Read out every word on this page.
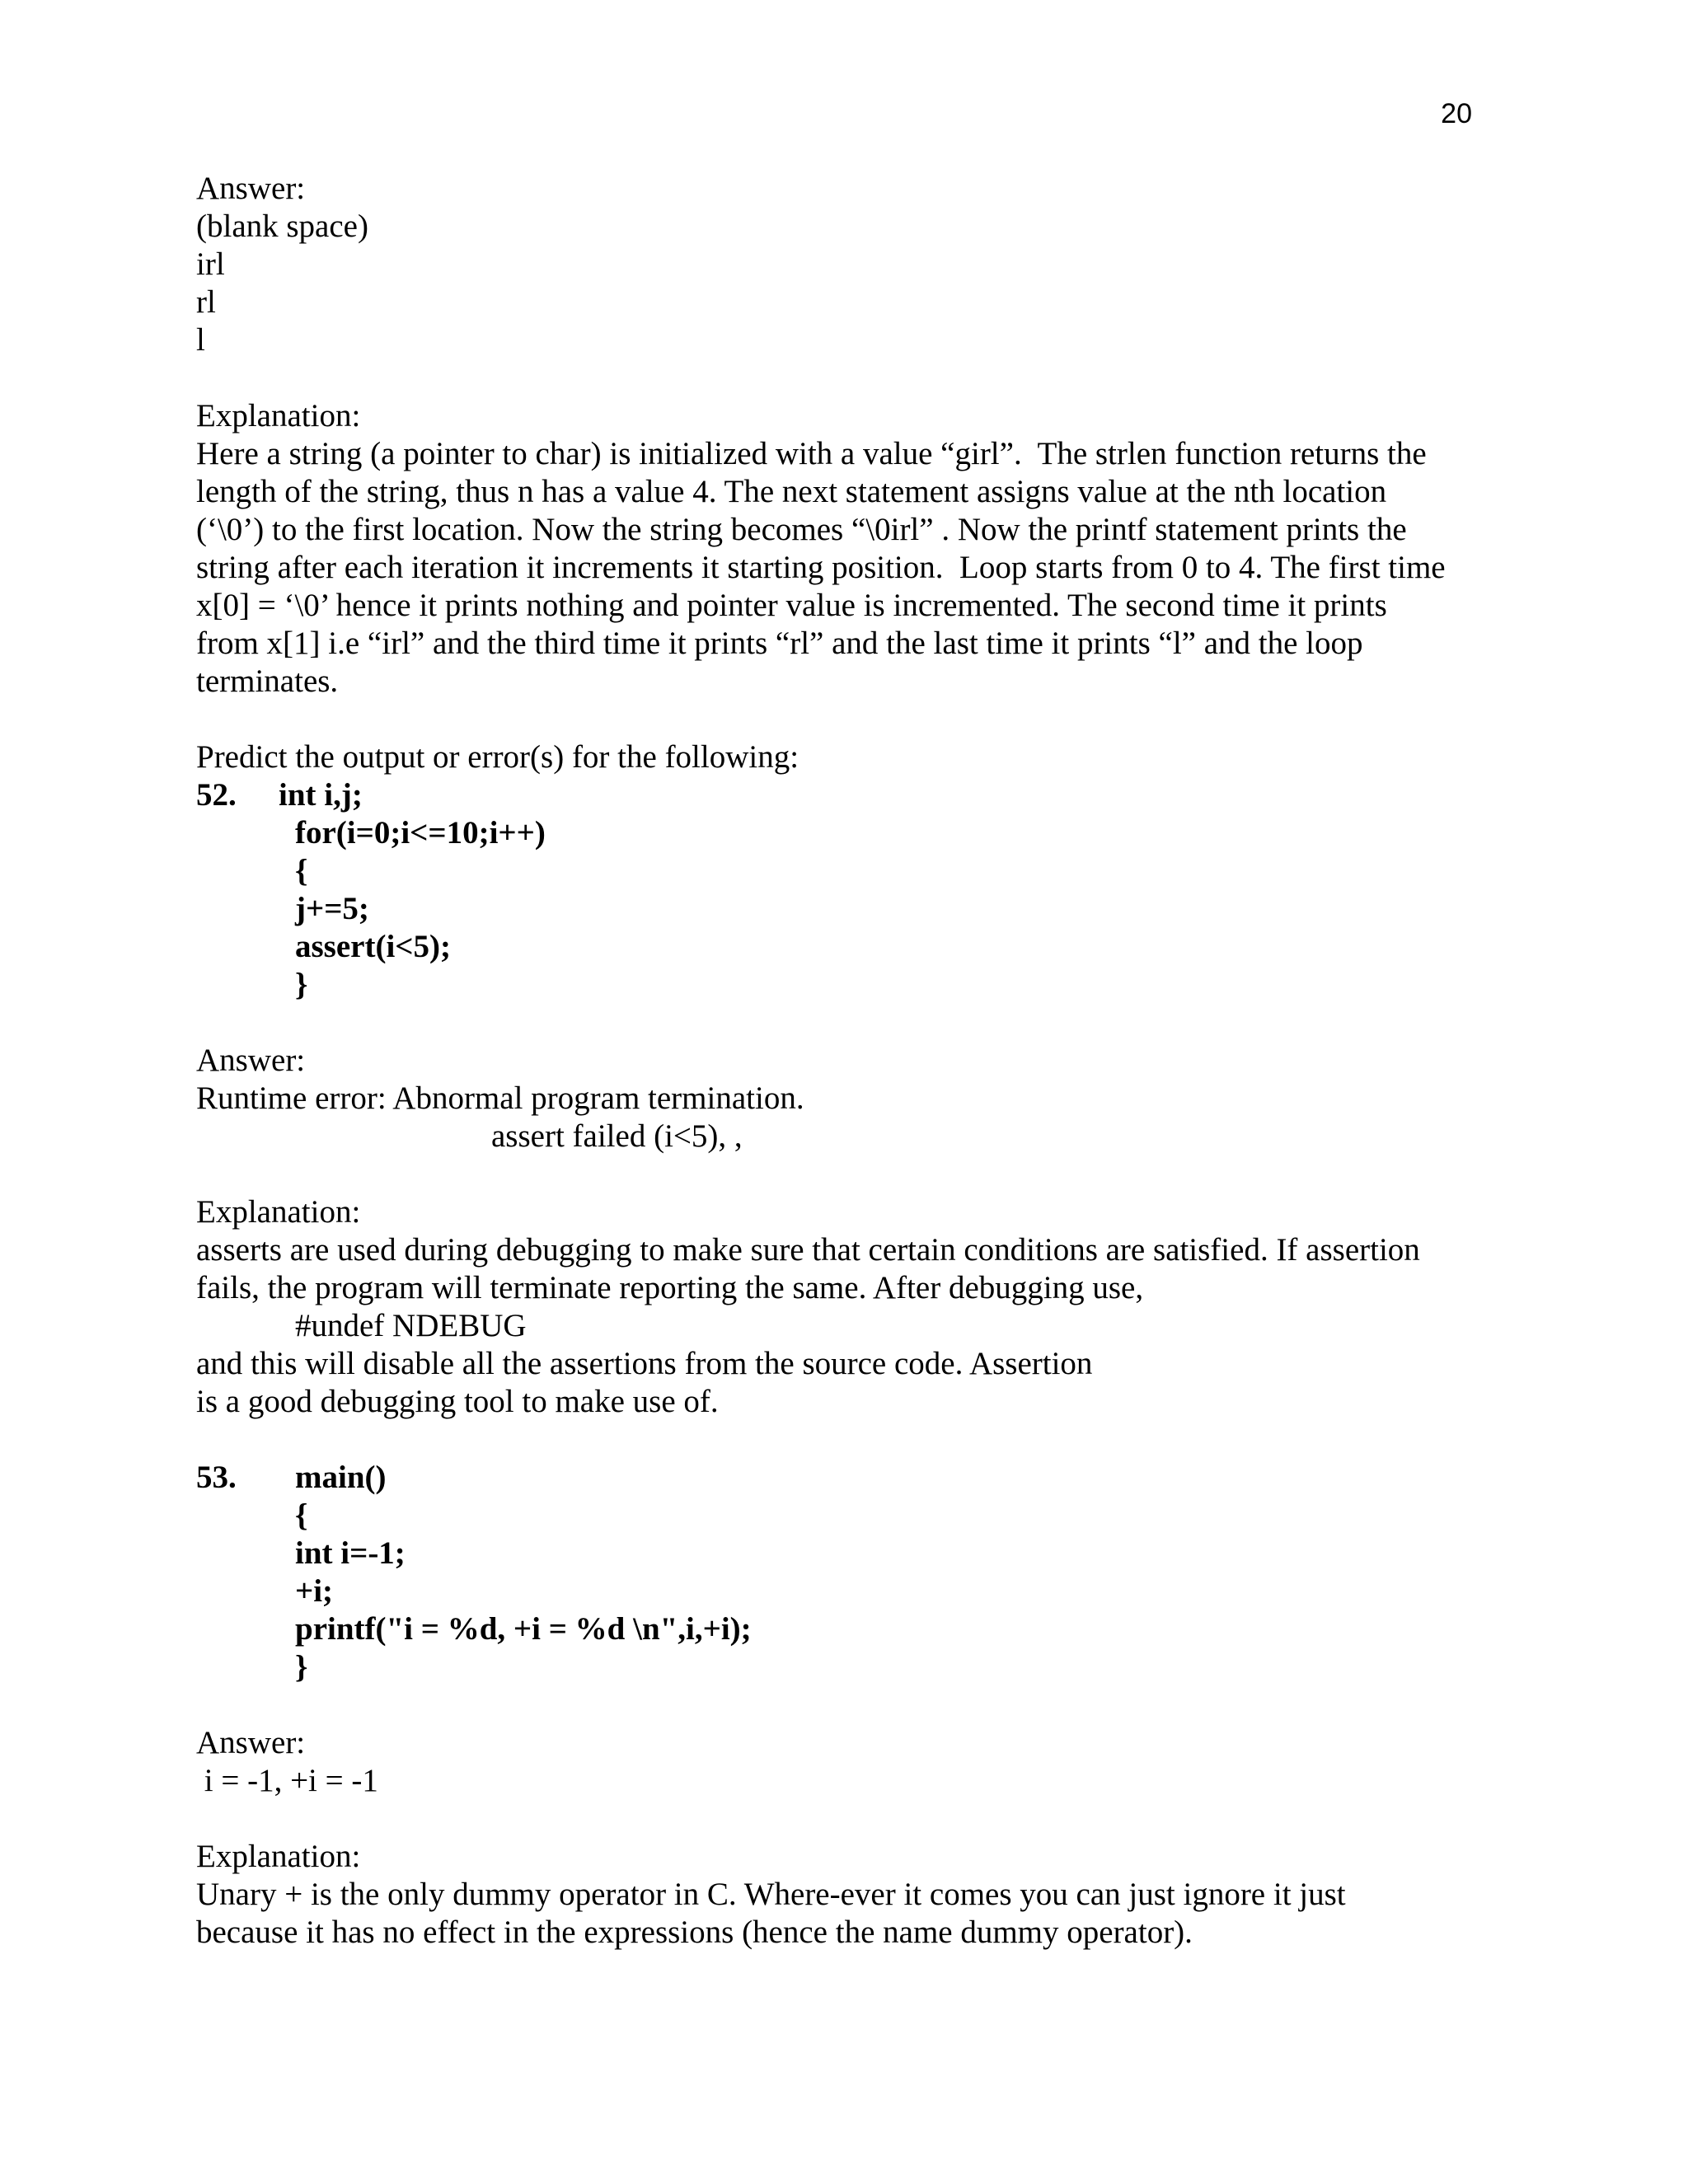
20
Answer:
(blank space)
irl
rl
l
Explanation:
Here a string (a pointer to char) is initialized with a value “girl”.  The strlen function returns the
length of the string, thus n has a value 4. The next statement assigns value at the nth location
(‘\0’) to the first location. Now the string becomes “\0irl” . Now the printf statement prints the
string after each iteration it increments it starting position.  Loop starts from 0 to 4. The first time
x[0] = ‘\0’ hence it prints nothing and pointer value is incremented. The second time it prints
from x[1] i.e “irl” and the third time it prints “rl” and the last time it prints “l” and the loop
terminates.
Predict the output or error(s) for the following:
52. int i,j;
for(i=0;i<=10;i++)
{
j+=5;
assert(i<5);
}
Answer:
Runtime error: Abnormal program termination.
assert failed (i<5), ,
Explanation:
asserts are used during debugging to make sure that certain conditions are satisfied. If assertion
fails, the program will terminate reporting the same. After debugging use,
#undef NDEBUG
and this will disable all the assertions from the source code. Assertion
is a good debugging tool to make use of.
53. main()
{
int i=-1;
+i;
printf("i = %d, +i = %d \n",i,+i);
}
Answer:
i = -1, +i = -1
Explanation:
Unary + is the only dummy operator in C. Where-ever it comes you can just ignore it just
because it has no effect in the expressions (hence the name dummy operator).
